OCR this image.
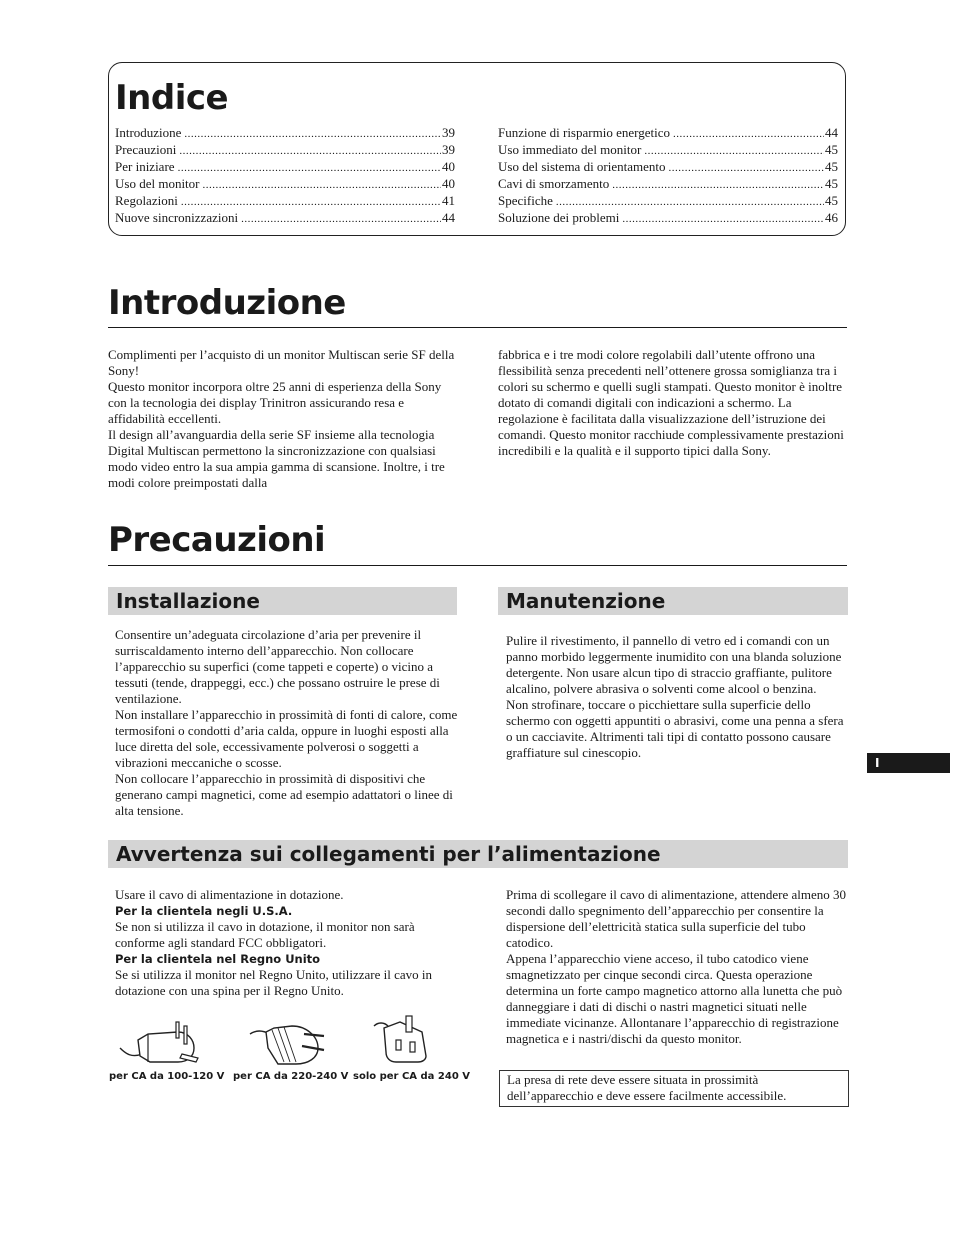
Indice
Introduzione .....	39
Precauzioni .....	39
Per iniziare .....	40
Uso del monitor .....	40
Regolazioni .....	41
Nuove sincronizzazioni .....	44
Funzione di risparmio energetico .....	44
Uso immediato del monitor .....	45
Uso del sistema di orientamento .....	45
Cavi di smorzamento .....	45
Specifiche .....	45
Soluzione dei problemi .....	46
Introduzione

Complimenti per l’acquisto di un monitor Multiscan serie SF della Sony!

Questo monitor incorpora oltre 25 anni di esperienza della Sony con la tecnologia dei display Trinitron assicurando resa e affidabilità eccellenti.

Il design all’avanguardia della serie SF insieme alla tecnologia Digital Multiscan permettono la sincronizzazione con qualsiasi modo video entro la sua ampia gamma di scansione. Inoltre, i tre modi colore preimpostati dalla

fabbrica e i tre modi colore regolabili dall’utente offrono una flessibilità senza precedenti nell’ottenere grossa somiglianza tra i colori su schermo e quelli sugli stampati. Questo monitor è inoltre dotato di comandi digitali con indicazioni a schermo. La regolazione è facilitata dalla visualizzazione dell’istruzione dei comandi. Questo monitor racchiude complessivamente prestazioni incredibili e la qualità e il supporto tipici dalla Sony.

Precauzioni
Installazione	Manutenzione

Consentire un’adeguata circolazione d’aria per prevenire il surriscaldamento interno dell’apparecchio. Non collocare l’apparecchio su superfici (come tappeti e coperte) o vicino a tessuti (tende, drappeggi, ecc.) che possano ostruire le prese di ventilazione.

Non installare l’apparecchio in prossimità di fonti di calore, come termosifoni o condotti d’aria calda, oppure in luoghi esposti alla luce diretta del sole, eccessivamente polverosi o soggetti a vibrazioni meccaniche o scosse.

Non collocare l’apparecchio in prossimità di dispositivi che generano campi magnetici, come ad esempio adattatori o linee di alta tensione.

Pulire il rivestimento, il pannello di vetro ed i comandi con un panno morbido leggermente inumidito con una blanda soluzione detergente. Non usare alcun tipo di straccio graffiante, pulitore alcalino, polvere abrasiva o solventi come alcool o benzina.

Non strofinare, toccare o picchiettare sulla superficie dello schermo con oggetti appuntiti o abrasivi, come una penna a sfera o un cacciavite. Altrimenti tali tipi di contatto possono causare graffiature sul cinescopio.

I
Avvertenza sui collegamenti per l’alimentazione

Usare il cavo di alimentazione in dotazione.

Per la clientela negli U.S.A.

Se non si utilizza il cavo in dotazione, il monitor non sarà conforme agli standard FCC obbligatori.

Per la clientela nel Regno Unito

Se si utilizza il monitor nel Regno Unito, utilizzare il cavo in dotazione con una spina per il Regno Unito.

per CA da 100-120 V per CA da 220-240 V solo per CA da 240 V

Prima di scollegare il cavo di alimentazione, attendere almeno 30 secondi dallo spegnimento dell’apparecchio per consentire la dispersione dell’elettricità statica sulla superficie del tubo catodico.

Appena l’apparecchio viene acceso, il tubo catodico viene smagnetizzato per cinque secondi circa. Questa operazione determina un forte campo magnetico attorno alla lunetta che può danneggiare i dati di dischi o nastri magnetici situati nelle immediate vicinanze. Allontanare l’apparecchio di registrazione magnetica e i nastri/dischi da questo monitor.

La presa di rete deve essere situata in prossimità dell’apparecchio e deve essere facilmente accessibile.
